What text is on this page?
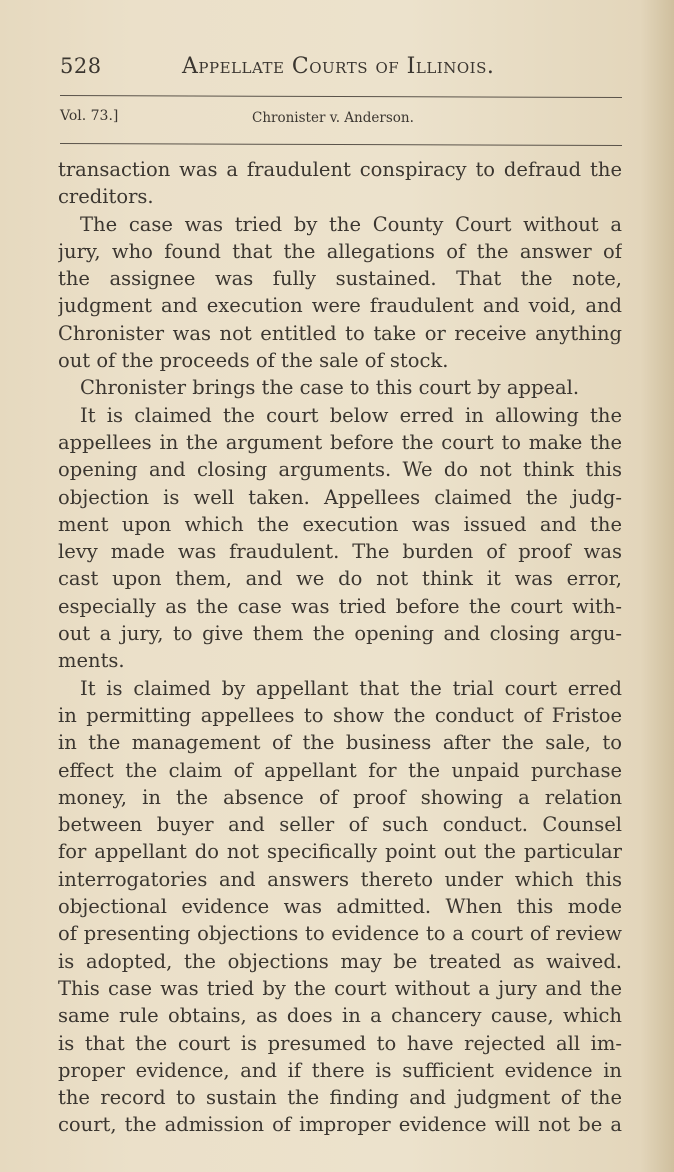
528	Appellate Courts of Illinois.
Vol. 73.]	Chronister v. Anderson.
transaction was a fraudulent conspiracy to defraud the
creditors.
The case was tried by the County Court without a
jury, who found that the allegations of the answer of
the assignee was fully sustained. That the note,
judgment and execution were fraudulent and void, and
Chronister was not entitled to take or receive anything
out of the proceeds of the sale of stock.
Chronister brings the case to this court by appeal.
It is claimed the court below erred in allowing the
appellees in the argument before the court to make the
opening and closing arguments. We do not think this
objection is well taken. Appellees claimed the judg-
ment upon which the execution was issued and the
levy made was fraudulent. The burden of proof was
cast upon them, and we do not think it was error,
especially as the case was tried before the court with-
out a jury, to give them the opening and closing argu-
ments.
It is claimed by appellant that the trial court erred
in permitting appellees to show the conduct of Fristoe
in the management of the business after the sale, to
effect the claim of appellant for the unpaid purchase
money, in the absence of proof showing a relation
between buyer and seller of such conduct. Counsel
for appellant do not specifically point out the particular
interrogatories and answers thereto under which this
objectional evidence was admitted. When this mode
of presenting objections to evidence to a court of review
is adopted, the objections may be treated as waived.
This case was tried by the court without a jury and the
same rule obtains, as does in a chancery cause, which
is that the court is presumed to have rejected all im-
proper evidence, and if there is sufficient evidence in
the record to sustain the finding and judgment of the
court, the admission of improper evidence will not be a
